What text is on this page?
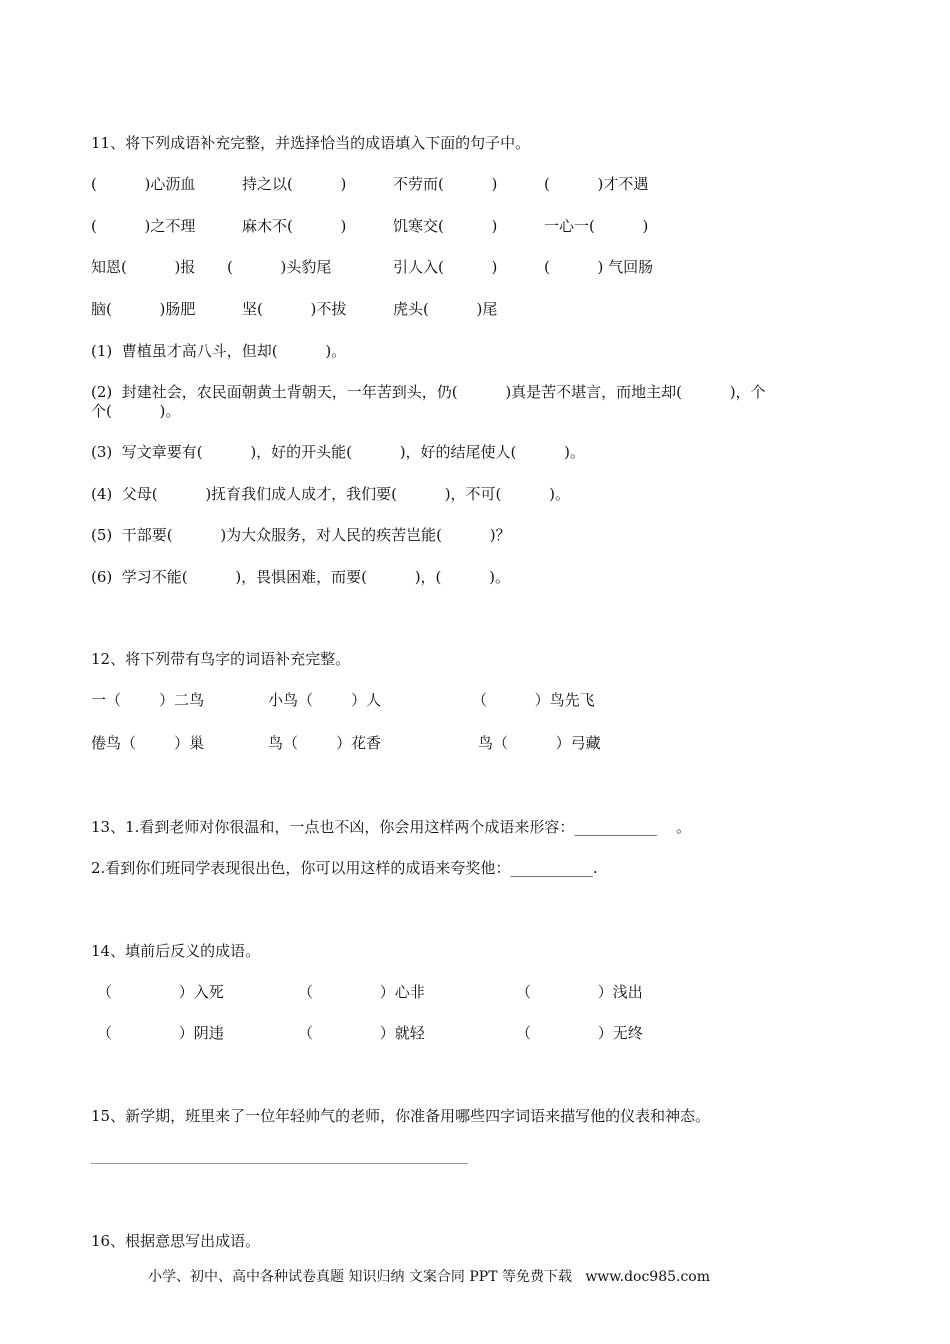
11、将下列成语补充完整，并选择恰当的成语填入下面的句子中。
(          )心沥血	持之以(          )	不劳而(          )	(          )才不遇
(          )之不理	麻木不(          )	饥寒交(          )	一心一(          )
知恩(          )报 (          )头豹尾	引人入(          )	(          ) 气回肠
脑(          )肠肥	坚(          )不拔	虎头(          )尾
(1)  曹植虽才高八斗，但却(          )。
(2)  封建社会，农民面朝黄土背朝天，一年苦到头，仍(          )真是苦不堪言，而地主却(          )，个
个(          )。
(3)  写文章要有(          )，好的开头能(          )，好的结尾使人(          )。
(4)  父母(          )抚育我们成人成才，我们要(          )，不可(          )。
(5)  干部要(          )为大众服务，对人民的疾苦岂能(          )？
(6)  学习不能(          )，畏惧困难，而要(          )，(          )。
12、将下列带有鸟字的词语补充完整。
一（        ）二鸟	小鸟（        ）人	（          ）鸟先飞
倦鸟（        ）巢	鸟（        ）花香	鸟（          ）弓藏
13、1.看到老师对你很温和，一点也不凶，你会用这样两个成语来形容：___________    。
2.看到你们班同学表现很出色，你可以用这样的成语来夸奖他：___________.
14、填前后反义的成语。
（              ）入死	（              ）心非	（              ）浅出
（              ）阴违	（              ）就轻	（              ）无终
15、新学期，班里来了一位年轻帅气的老师，你准备用哪些四字词语来描写他的仪表和神态。
16、根据意思写出成语。
小学、初中、高中各种试卷真题 知识归纳 文案合同 PPT 等免费下载   www.doc985.com
